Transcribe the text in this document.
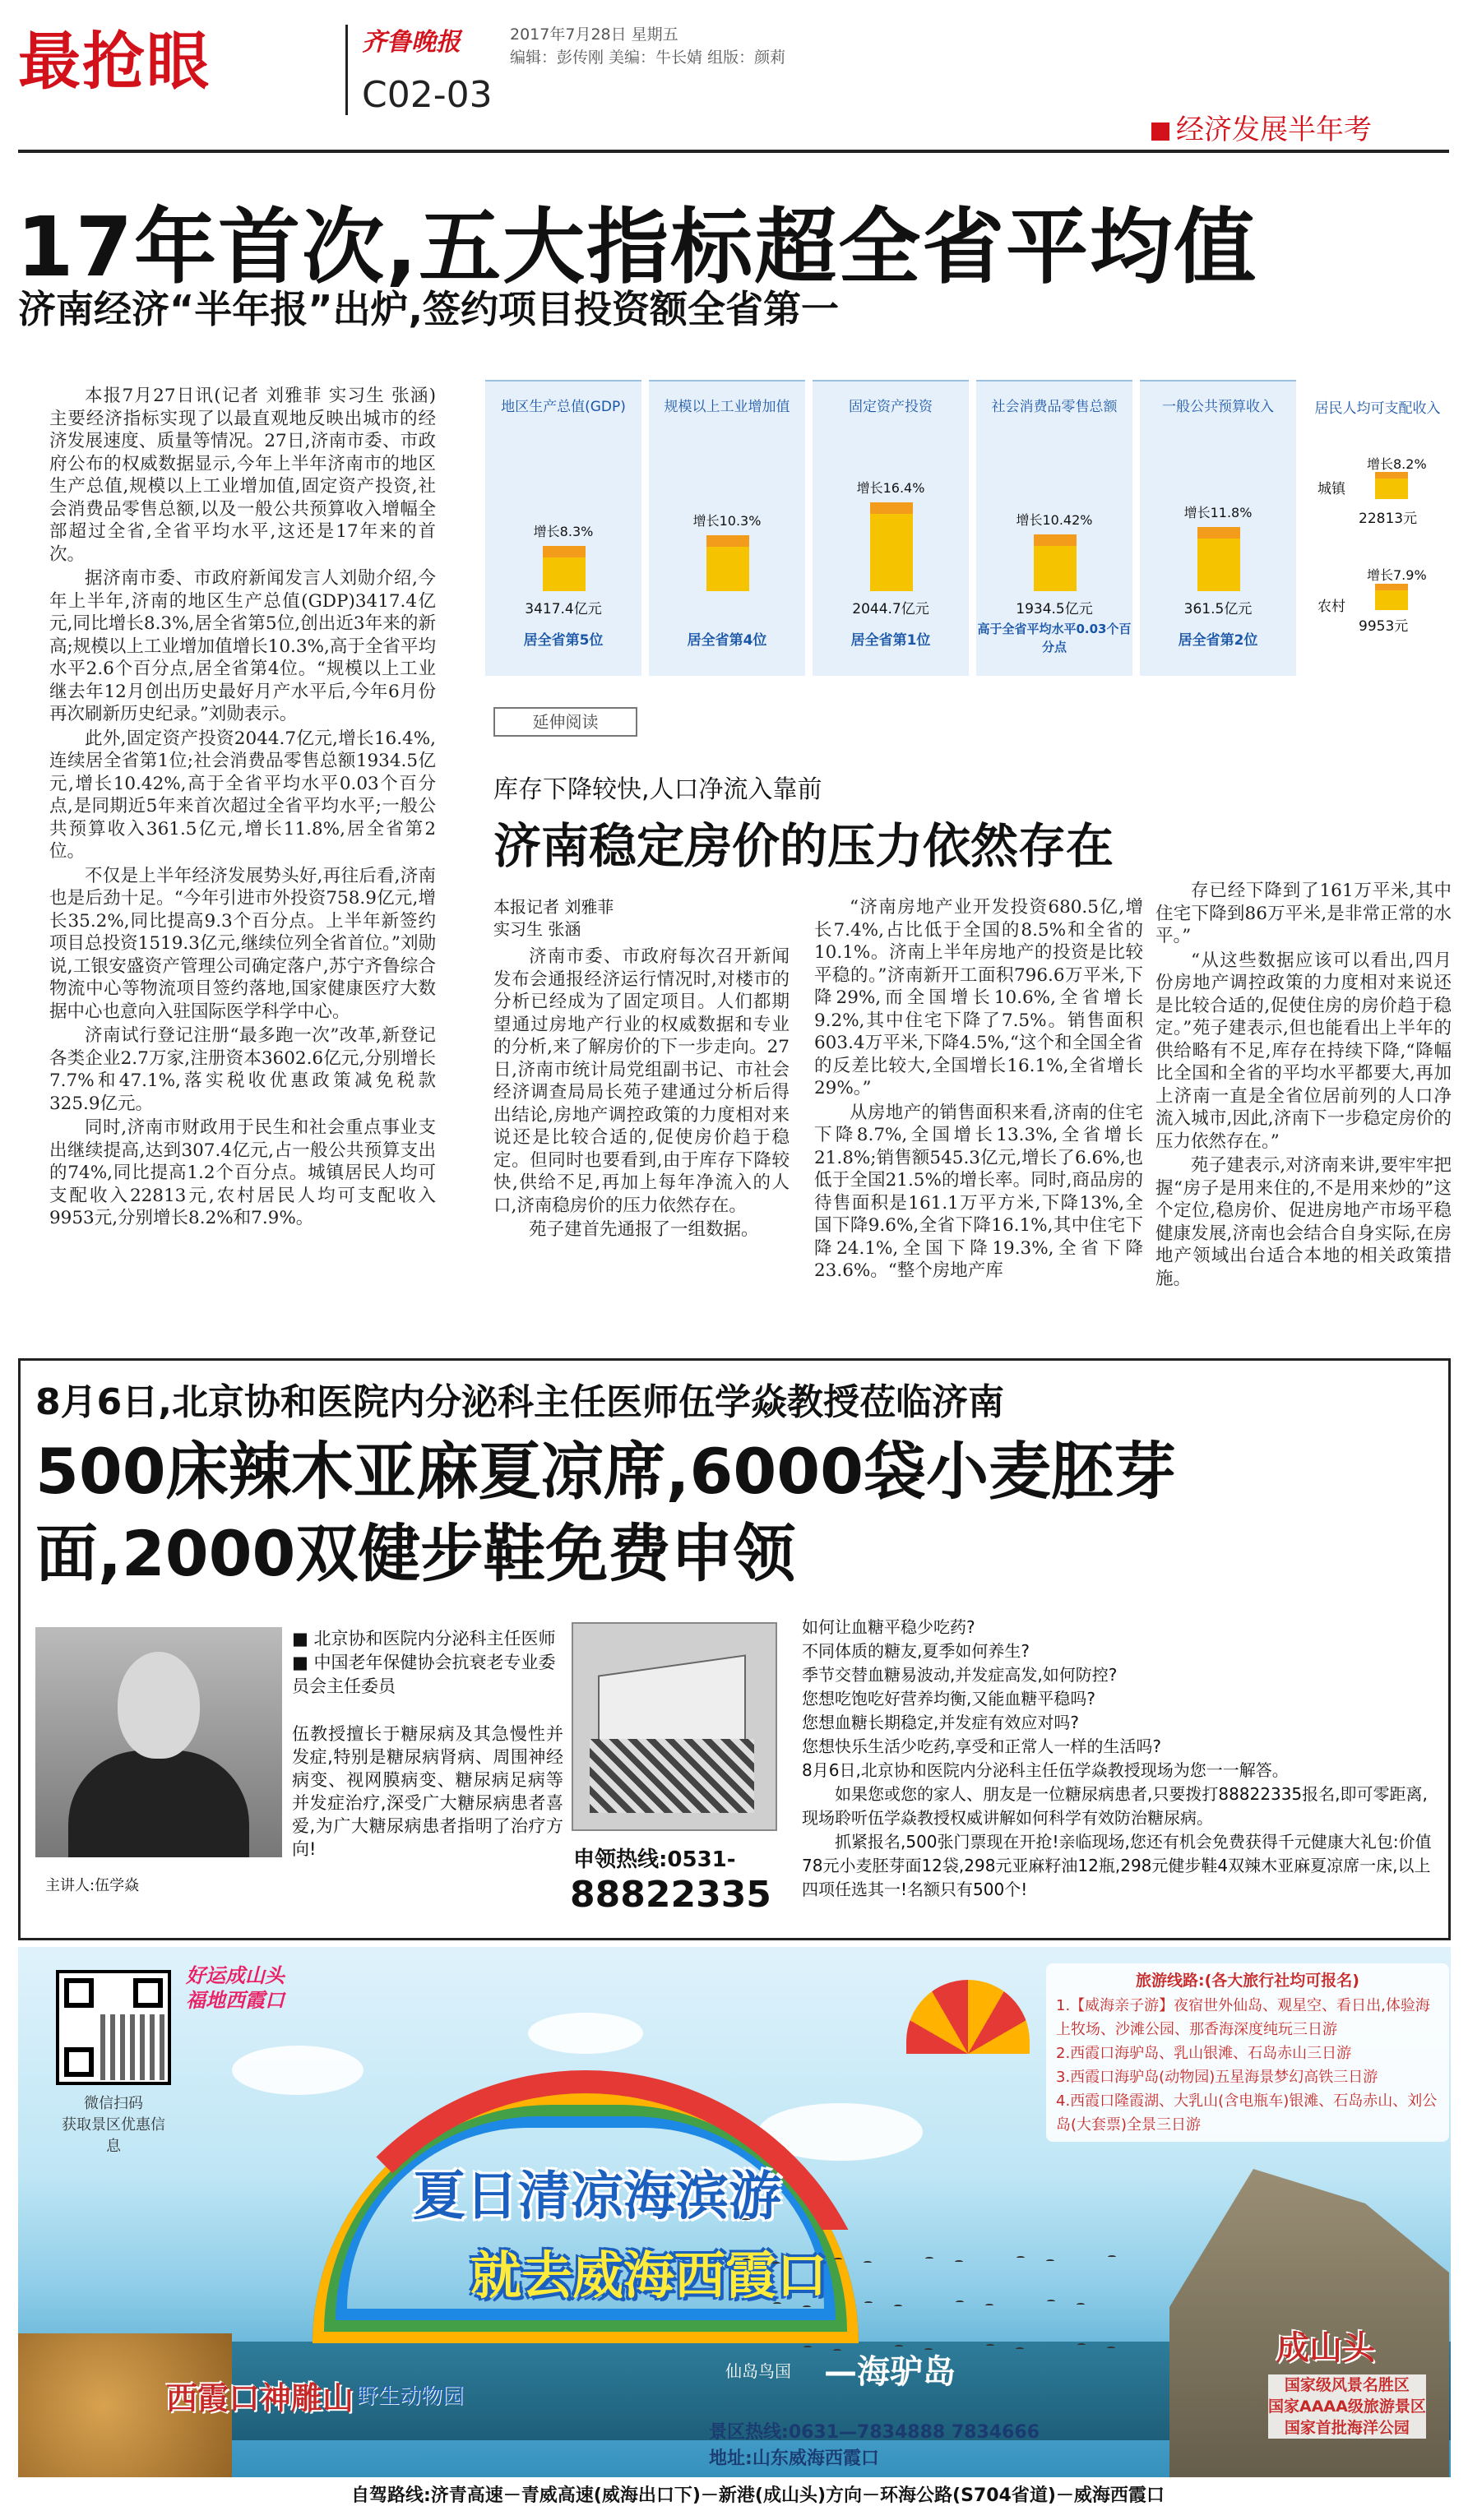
最抢眼	齐鲁晚报
C02-03
2017年7月28日 星期五
编辑：彭传刚 美编：牛长婧 组版：颜莉
经济发展半年考
17年首次,五大指标超全省平均值
济南经济“半年报”出炉,签约项目投资额全省第一

本报7月27日讯(记者 刘雅菲 实习生 张涵) 主要经济指标实现了以最直观地反映出城市的经济发展速度、质量等情况。27日,济南市委、市政府公布的权威数据显示,今年上半年济南市的地区生产总值,规模以上工业增加值,固定资产投资,社会消费品零售总额,以及一般公共预算收入增幅全部超过全省,全省平均水平,这还是17年来的首次。

据济南市委、市政府新闻发言人刘勋介绍,今年上半年,济南的地区生产总值(GDP)3417.4亿元,同比增长8.3%,居全省第5位,创出近3年来的新高;规模以上工业增加值增长10.3%,高于全省平均水平2.6个百分点,居全省第4位。“规模以上工业继去年12月创出历史最好月产水平后,今年6月份再次刷新历史纪录。”刘勋表示。

此外,固定资产投资2044.7亿元,增长16.4%,连续居全省第1位;社会消费品零售总额1934.5亿元,增长10.42%,高于全省平均水平0.03个百分点,是同期近5年来首次超过全省平均水平;一般公共预算收入361.5亿元,增长11.8%,居全省第2位。

不仅是上半年经济发展势头好,再往后看,济南也是后劲十足。“今年引进市外投资758.9亿元,增长35.2%,同比提高9.3个百分点。上半年新签约项目总投资1519.3亿元,继续位列全省首位。”刘勋说,工银安盛资产管理公司确定落户,苏宁齐鲁综合物流中心等物流项目签约落地,国家健康医疗大数据中心也意向入驻国际医学科学中心。

济南试行登记注册“最多跑一次”改革,新登记各类企业2.7万家,注册资本3602.6亿元,分别增长7.7%和47.1%,落实税收优惠政策减免税款325.9亿元。

同时,济南市财政用于民生和社会重点事业支出继续提高,达到307.4亿元,占一般公共预算支出的74%,同比提高1.2个百分点。城镇居民人均可支配收入22813元,农村居民人均可支配收入9953元,分别增长8.2%和7.9%。

地区生产总值(GDP)
增长8.3%
3417.4亿元
居全省第5位
规模以上工业增加值
增长10.3%
居全省第4位
固定资产投资
增长16.4%
2044.7亿元
居全省第1位
社会消费品零售总额
增长10.42%
1934.5亿元
高于全省平均水平0.03个百分点
一般公共预算收入
增长11.8%
361.5亿元
居全省第2位
居民人均可支配收入
增长8.2%
城镇
22813元
增长7.9%
农村
9953元
延伸阅读
库存下降较快,人口净流入靠前
济南稳定房价的压力依然存在
本报记者 刘雅菲
实习生 张涵

济南市委、市政府每次召开新闻发布会通报经济运行情况时,对楼市的分析已经成为了固定项目。人们都期望通过房地产行业的权威数据和专业的分析,来了解房价的下一步走向。27日,济南市统计局党组副书记、市社会经济调查局局长苑子建通过分析后得出结论,房地产调控政策的力度相对来说还是比较合适的,促使房价趋于稳定。但同时也要看到,由于库存下降较快,供给不足,再加上每年净流入的人口,济南稳房价的压力依然存在。

苑子建首先通报了一组数据。

“济南房地产业开发投资680.5亿,增长7.4%,占比低于全国的8.5%和全省的10.1%。济南上半年房地产的投资是比较平稳的。”济南新开工面积796.6万平米,下降29%,而全国增长10.6%,全省增长9.2%,其中住宅下降了7.5%。销售面积603.4万平米,下降4.5%,“这个和全国全省的反差比较大,全国增长16.1%,全省增长29%。”

从房地产的销售面积来看,济南的住宅下降8.7%,全国增长13.3%,全省增长21.8%;销售额545.3亿元,增长了6.6%,也低于全国21.5%的增长率。同时,商品房的待售面积是161.1万平方米,下降13%,全国下降9.6%,全省下降16.1%,其中住宅下降24.1%,全国下降19.3%,全省下降23.6%。“整个房地产库

存已经下降到了161万平米,其中住宅下降到86万平米,是非常正常的水平。”

“从这些数据应该可以看出,四月份房地产调控政策的力度相对来说还是比较合适的,促使住房的房价趋于稳定。”苑子建表示,但也能看出上半年的供给略有不足,库存在持续下降,“降幅比全国和全省的平均水平都要大,再加上济南一直是全省位居前列的人口净流入城市,因此,济南下一步稳定房价的压力依然存在。”

苑子建表示,对济南来讲,要牢牢把握“房子是用来住的,不是用来炒的”这个定位,稳房价、促进房地产市场平稳健康发展,济南也会结合自身实际,在房地产领域出台适合本地的相关政策措施。

8月6日,北京协和医院内分泌科主任医师伍学焱教授莅临济南
500床辣木亚麻夏凉席,6000袋小麦胚芽面,2000双健步鞋免费申领
主讲人:伍学焱
■ 北京协和医院内分泌科主任医师
■ 中国老年保健协会抗衰老专业委员会主任委员
伍教授擅长于糖尿病及其急慢性并发症,特别是糖尿病肾病、周围神经病变、视网膜病变、糖尿病足病等并发症治疗,深受广大糖尿病患者喜爱,为广大糖尿病患者指明了治疗方向!	申领热线:0531-
88822335
如何让血糖平稳少吃药?
不同体质的糖友,夏季如何养生?
季节交替血糖易波动,并发症高发,如何防控?
您想吃饱吃好营养均衡,又能血糖平稳吗?
您想血糖长期稳定,并发症有效应对吗?
您想快乐生活少吃药,享受和正常人一样的生活吗?
8月6日,北京协和医院内分泌科主任伍学焱教授现场为您一一解答。
如果您或您的家人、朋友是一位糖尿病患者,只要拨打88822335报名,即可零距离,现场聆听伍学焱教授权威讲解如何科学有效防治糖尿病。
抓紧报名,500张门票现在开抢!亲临现场,您还有机会免费获得千元健康大礼包:价值78元小麦胚芽面12袋,298元亚麻籽油12瓶,298元健步鞋4双辣木亚麻夏凉席一床,以上四项任选其一!名额只有500个!
微信扫码
获取景区优惠信息
好运成山头
福地西霞口
夏日清凉海滨游
就去威海西霞口
旅游线路:(各大旅行社均可报名)
1.【威海亲子游】夜宿世外仙岛、观星空、看日出,体验海上牧场、沙滩公园、那香海深度纯玩三日游
2.西霞口海驴岛、乳山银滩、石岛赤山三日游
3.西霞口海驴岛(动物园)五星海景梦幻高铁三日游
4.西霞口隆霞湖、大乳山(含电瓶车)银滩、石岛赤山、刘公岛(大套票)全景三日游
西霞口神雕山 野生动物园
仙岛鸟国 —海驴岛
成山头
国家级风景名胜区
国家AAAA级旅游景区
国家首批海洋公园
景区热线:0631—7834888 7834666
地址:山东威海西霞口
自驾路线:济青高速－青威高速(威海出口下)－新港(成山头)方向－环海公路(S704省道)－威海西霞口
